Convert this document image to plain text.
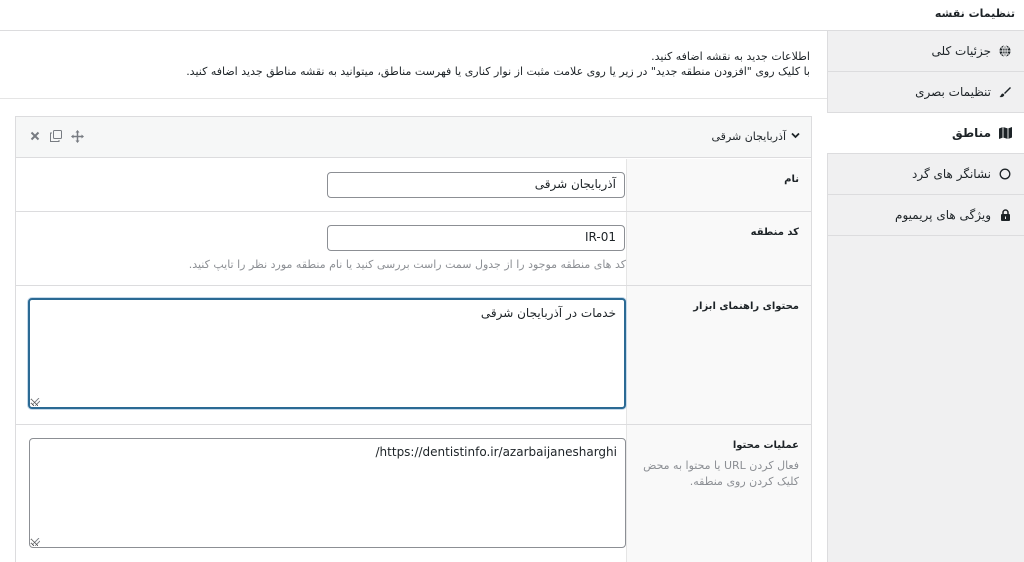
تنظیمات نقشه
جزئیات کلی
تنظیمات بصری
مناطق
نشانگر های گرد
ویژگی های پریمیوم
اطلاعات جدید به نقشه اضافه کنید.
با کلیک روی "افزودن منطقه جدید" در زیر یا روی علامت مثبت از نوار کناری یا فهرست مناطق، میتوانید به نقشه مناطق جدید اضافه کنید.
آذربایجان شرقی
نام
آذربایجان شرقی
کد منطقه
IR-01
کد های منطقه موجود را از جدول سمت راست بررسی کنید یا نام منطقه مورد نظر را تایپ کنید.
محتوای راهنمای ابزار
خدمات در آذربایجان شرقی
عملیات محتوا
فعال کردن URL یا محتوا به محض کلیک کردن روی منطقه.
https://dentistinfo.ir/azarbaijanesharghi/
